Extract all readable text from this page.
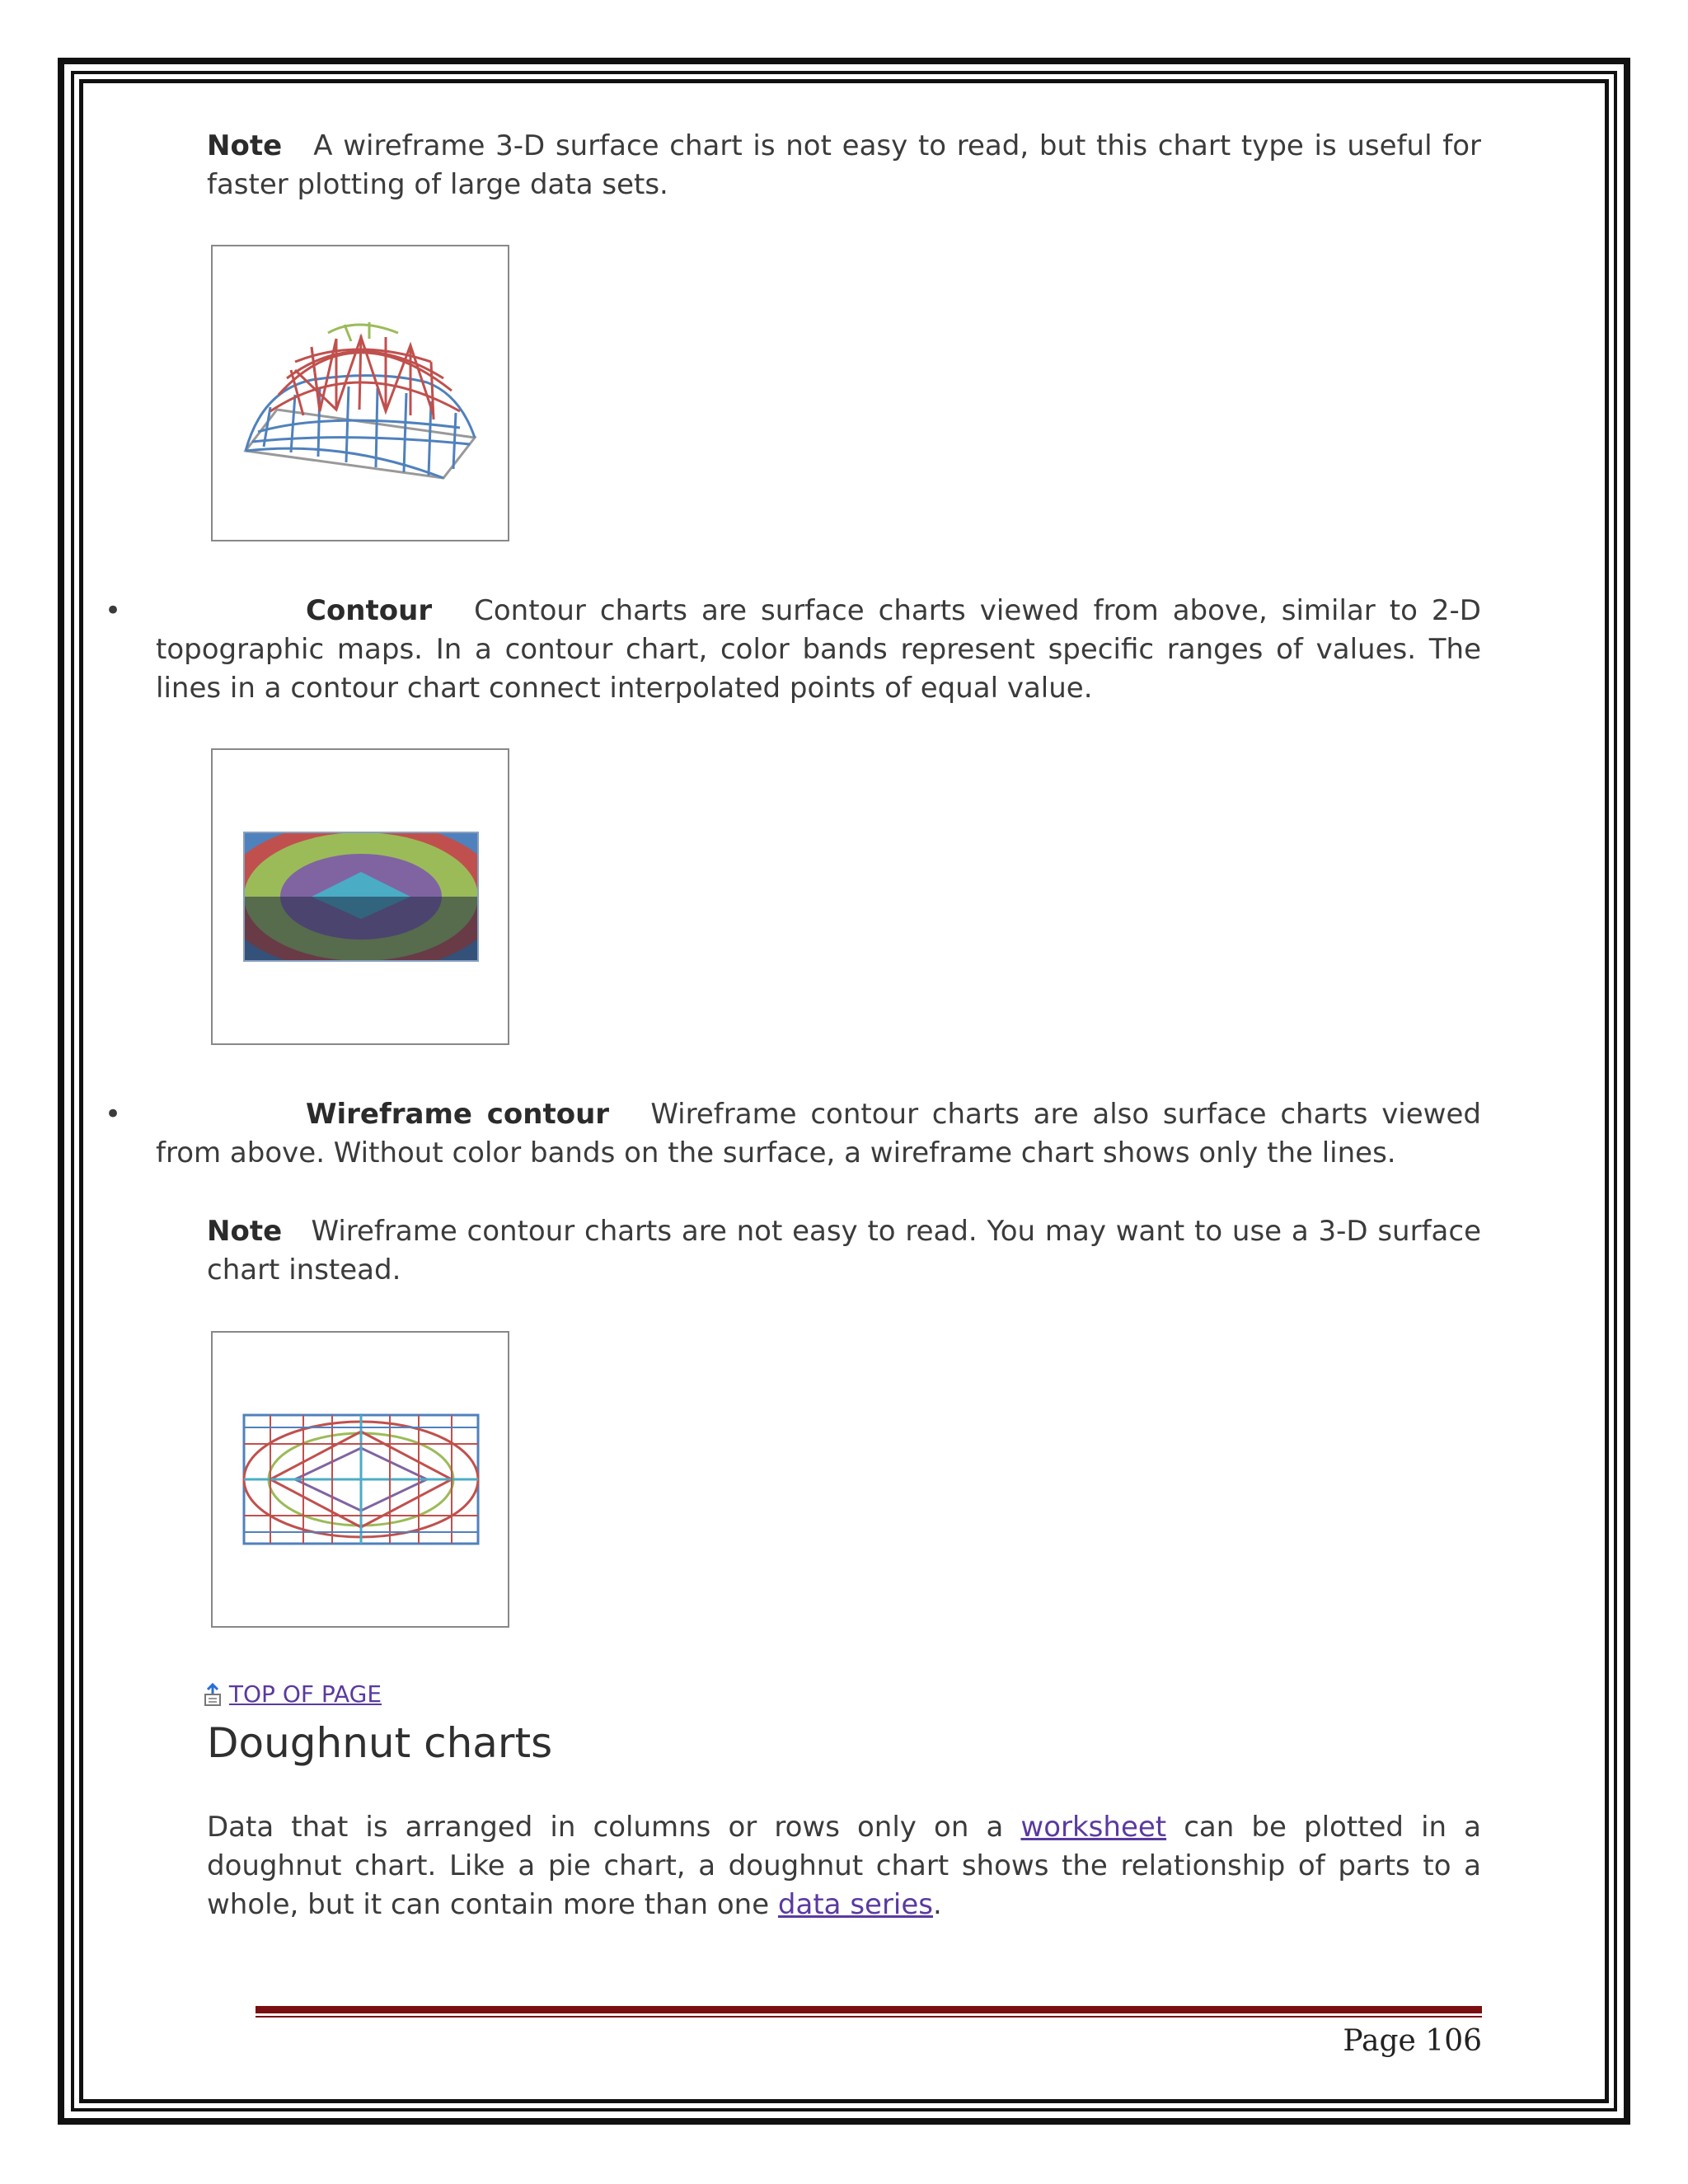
Note A wireframe 3-D surface chart is not easy to read, but this chart type is useful for faster plotting of large data sets.
•	Contour Contour charts are surface charts viewed from above, similar to 2-D topographic maps. In a contour chart, color bands represent specific ranges of values. The lines in a contour chart connect interpolated points of equal value.
•	Wireframe contour Wireframe contour charts are also surface charts viewed from above. Without color bands on the surface, a wireframe chart shows only the lines.
Note Wireframe contour charts are not easy to read. You may want to use a 3-D surface chart instead.
TOP OF PAGE
Doughnut charts
Data that is arranged in columns or rows only on a worksheet can be plotted in a doughnut chart. Like a pie chart, a doughnut chart shows the relationship of parts to a whole, but it can contain more than one data series.
Page 106
